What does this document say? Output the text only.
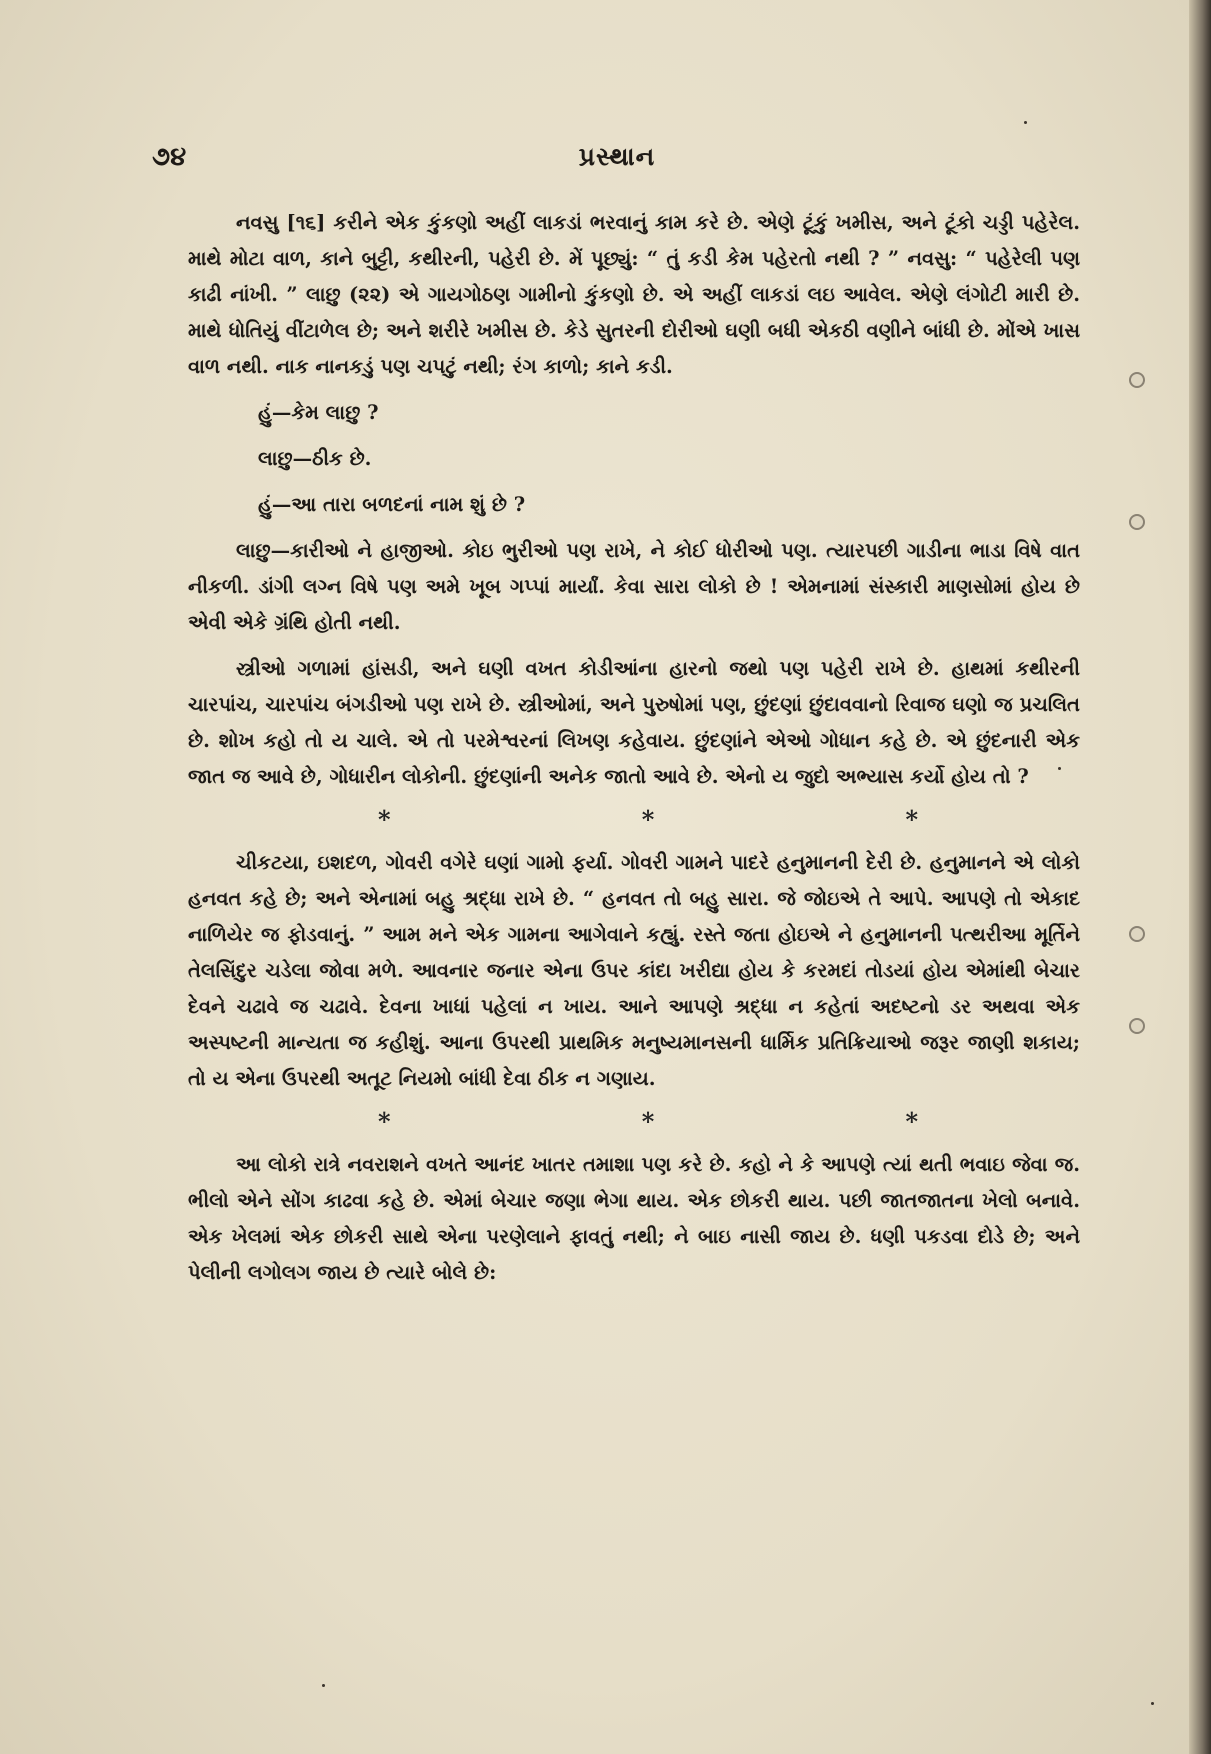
૭૪	પ્રસ્થાન

નવસુ [૧૬] કરીને એક કુંકણો અહીં લાકડાં ભરવાનું કામ કરે છે. એણે ટૂંકું ખમીસ, અને ટૂંકો ચડ્ડી પહેરેલ. માથે મોટા વાળ, કાને બુટ્ટી, કથીરની, પહેરી છે. મેં પૂછ્યું: “ તું કડી કેમ પહેરતો નથી ? ” નવસુ: “ પહેરેલી પણ કાઢી નાંખી. ” લાછુ (૨૨) એ ગાયગોઠણ ગામીનો કુંકણો છે. એ અહીં લાકડાં લઇ આવેલ. એણે લંગોટી મારી છે. માથે ધોતિયું વીંટાળેલ છે; અને શરીરે ખમીસ છે. કેડે સુતરની દોરીઓ ઘણી બધી એકઠી વણીને બાંધી છે. મોંએ ખાસ વાળ નથી. નાક નાનકડું પણ ચપટું નથી; રંગ કાળો; કાને કડી.

હું—કેમ લાછુ ?

લાછુ—ઠીક છે.

હું—આ તારા બળદનાં નામ શું છે ?

લાછુ—કારીઓ ને હાજીઓ. કોઇ ભુરીઓ પણ રાખે, ને કોઈ ધોરીઓ પણ. ત્યારપછી ગાડીના ભાડા વિષે વાત નીકળી. ડાંગી લગ્ન વિષે પણ અમે ખૂબ ગપ્પાં માર્યાં. કેવા સારા લોકો છે ! એમનામાં સંસ્કારી માણસોમાં હોય છે એવી એકે ગ્રંથિ હોતી નથી.

સ્ત્રીઓ ગળામાં હાંસડી, અને ઘણી વખત કોડીઆંના હારનો જથો પણ પહેરી રાખે છે. હાથમાં કથીરની ચારપાંચ, ચારપાંચ બંગડીઓ પણ રાખે છે. સ્ત્રીઓમાં, અને પુરુષોમાં પણ, છુંદણાં છુંદાવવાનો રિવાજ ઘણો જ પ્રચલિત છે. શોખ કહો તો ય ચાલે. એ તો પરમેશ્વરનાં લિખણ કહેવાય. છુંદણાંને એઓ ગોધાન કહે છે. એ છુંદનારી એક જાત જ આવે છે, ગોધારીન લોકોની. છુંદણાંની અનેક જાતો આવે છે. એનો ય જુદો અભ્યાસ કર્યો હોય તો ?

*	*	*

ચીકટયા, ઇશદળ, ગોવરી વગેરે ઘણાં ગામો ફર્યા. ગોવરી ગામને પાદરે હનુમાનની દેરી છે. હનુમાનને એ લોકો હનવત કહે છે; અને એનામાં બહુ શ્રદ્ધા રાખે છે. “ હનવત તો બહુ સારા. જે જોઇએ તે આપે. આપણે તો એકાદ નાળિયેર જ ફોડવાનું. ” આમ મને એક ગામના આગેવાને કહ્યું. રસ્તે જતા હોઇએ ને હનુમાનની પત્થરીઆ મૂર્તિને તેલસિંદુર ચડેલા જોવા મળે. આવનાર જનાર એના ઉપર કાંદા ખરીદ્યા હોય કે કરમદાં તોડયાં હોય એમાંથી બેચાર દેવને ચઢાવે જ ચઢાવે. દેવના ખાધાં પહેલાં ન ખાય. આને આપણે શ્રદ્ધા ન કહેતાં અદષ્ટનો ડર અથવા એક અસ્પષ્ટની માન્યતા જ કહીશું. આના ઉપરથી પ્રાથમિક મનુષ્યમાનસની ધાર્મિક પ્રતિક્રિયાઓ જરૂર જાણી શકાય; તો ય એના ઉપરથી અતૂટ નિયમો બાંધી દેવા ઠીક ન ગણાય.

*	*	*

આ લોકો રાત્રે નવરાશને વખતે આનંદ ખાતર તમાશા પણ કરે છે. કહો ને કે આપણે ત્યાં થતી ભવાઇ જેવા જ. ભીલો એને સોંગ કાઢવા કહે છે. એમાં બેચાર જણા ભેગા થાય. એક છોકરી થાય. પછી જાતજાતના ખેલો બનાવે. એક ખેલમાં એક છોકરી સાથે એના પરણેલાને ફાવતું નથી; ને બાઇ નાસી જાય છે. ધણી પકડવા દોડે છે; અને પેલીની લગોલગ જાય છે ત્યારે બોલે છે:
